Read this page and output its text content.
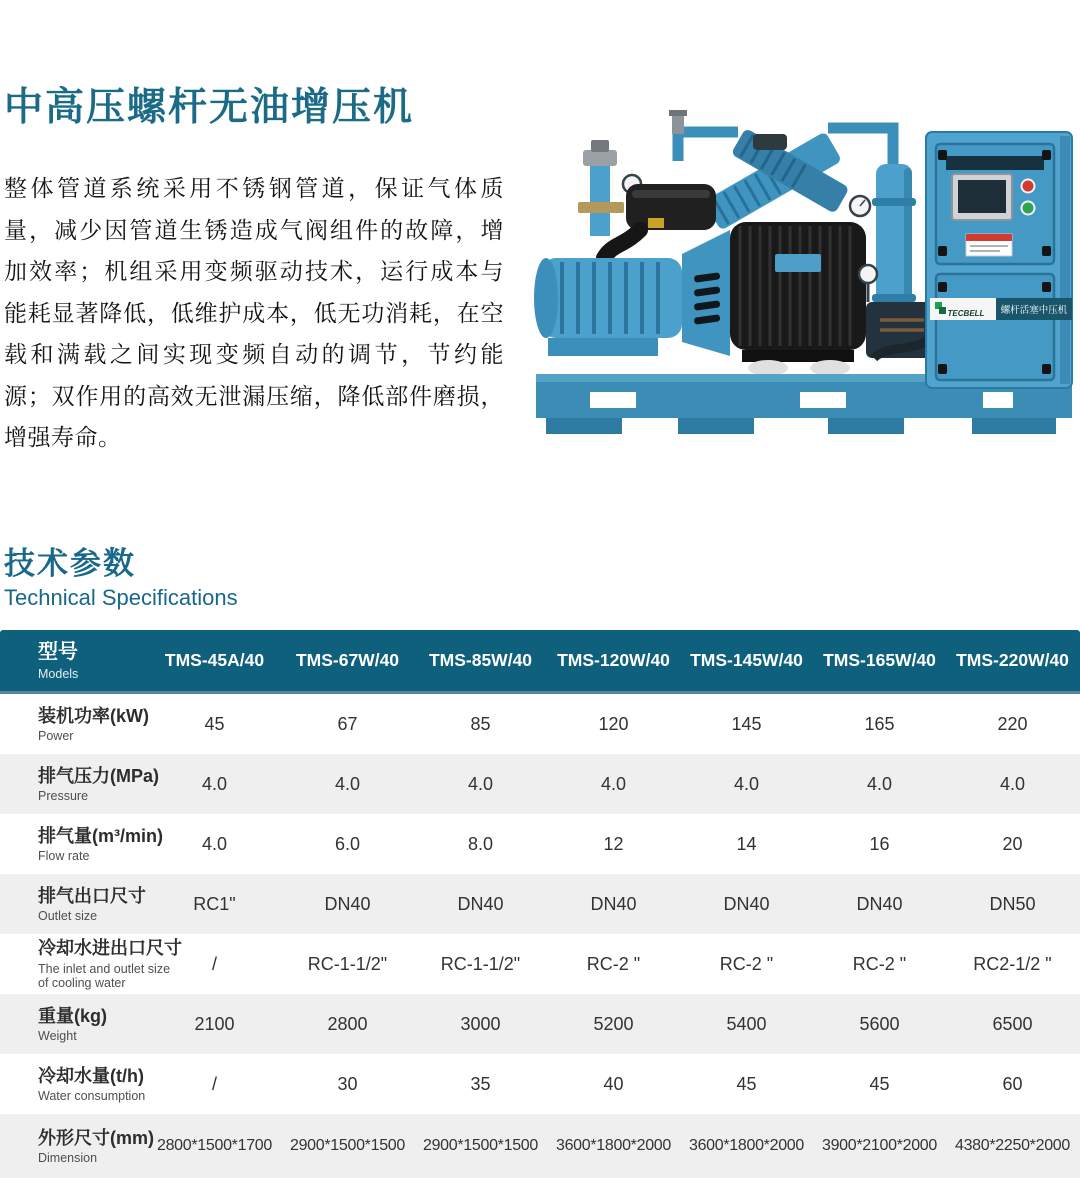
中高压螺杆无油增压机
整体管道系统采用不锈钢管道，保证气体质
量，减少因管道生锈造成气阀组件的故障，增
加效率；机组采用变频驱动技术，运行成本与
能耗显著降低，低维护成本，低无功消耗，在空
载和满载之间实现变频自动的调节，节约能
源；双作用的高效无泄漏压缩，降低部件磨损，
增强寿命。
TECBELL 螺杆活塞中压机
技术参数
Technical Specifications
型号
Models
TMS-45A/40	TMS-67W/40	TMS-85W/40	TMS-120W/40	TMS-145W/40	TMS-165W/40	TMS-220W/40
装机功率(kW)
Power
45	67	85	120	145	165	220
排气压力(MPa)
Pressure
4.0	4.0	4.0	4.0	4.0	4.0	4.0
排气量(m³/min)
Flow rate
4.0	6.0	8.0	12	14	16	20
排气出口尺寸
Outlet size
RC1"	DN40	DN40	DN40	DN40	DN40	DN50
冷却水进出口尺寸
The inlet and outlet size of cooling water
/	RC-1-1/2"	RC-1-1/2"	RC-2 "	RC-2 "	RC-2 "	RC2-1/2 "
重量(kg)
Weight
2100	2800	3000	5200	5400	5600	6500
冷却水量(t/h)
Water consumption
/	30	35	40	45	45	60
外形尺寸(mm)
Dimension
2800*1500*1700	2900*1500*1500	2900*1500*1500	3600*1800*2000	3600*1800*2000	3900*2100*2000	4380*2250*2000
